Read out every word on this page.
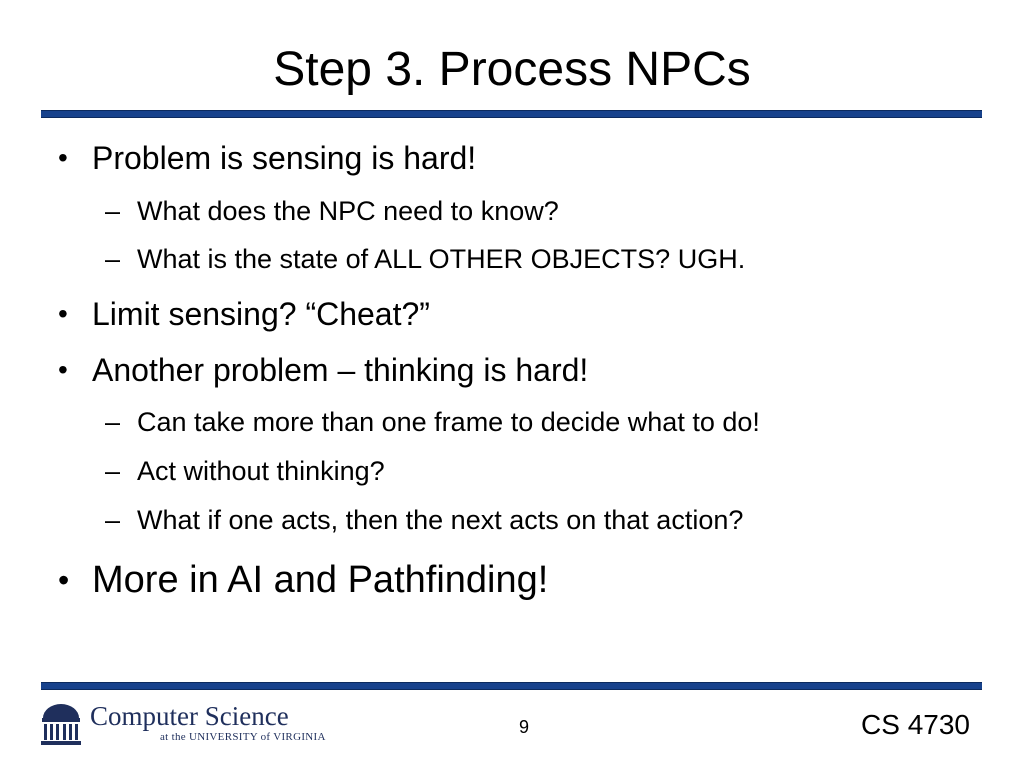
Step 3. Process NPCs
• Problem is sensing is hard!
– What does the NPC need to know?
– What is the state of ALL OTHER OBJECTS? UGH.
• Limit sensing? “Cheat?”
• Another problem – thinking is hard!
– Can take more than one frame to decide what to do!
– Act without thinking?
– What if one acts, then the next acts on that action?
• More in AI and Pathfinding!
Computer Science
at the UNIVERSITY of VIRGINIA	9	CS 4730
